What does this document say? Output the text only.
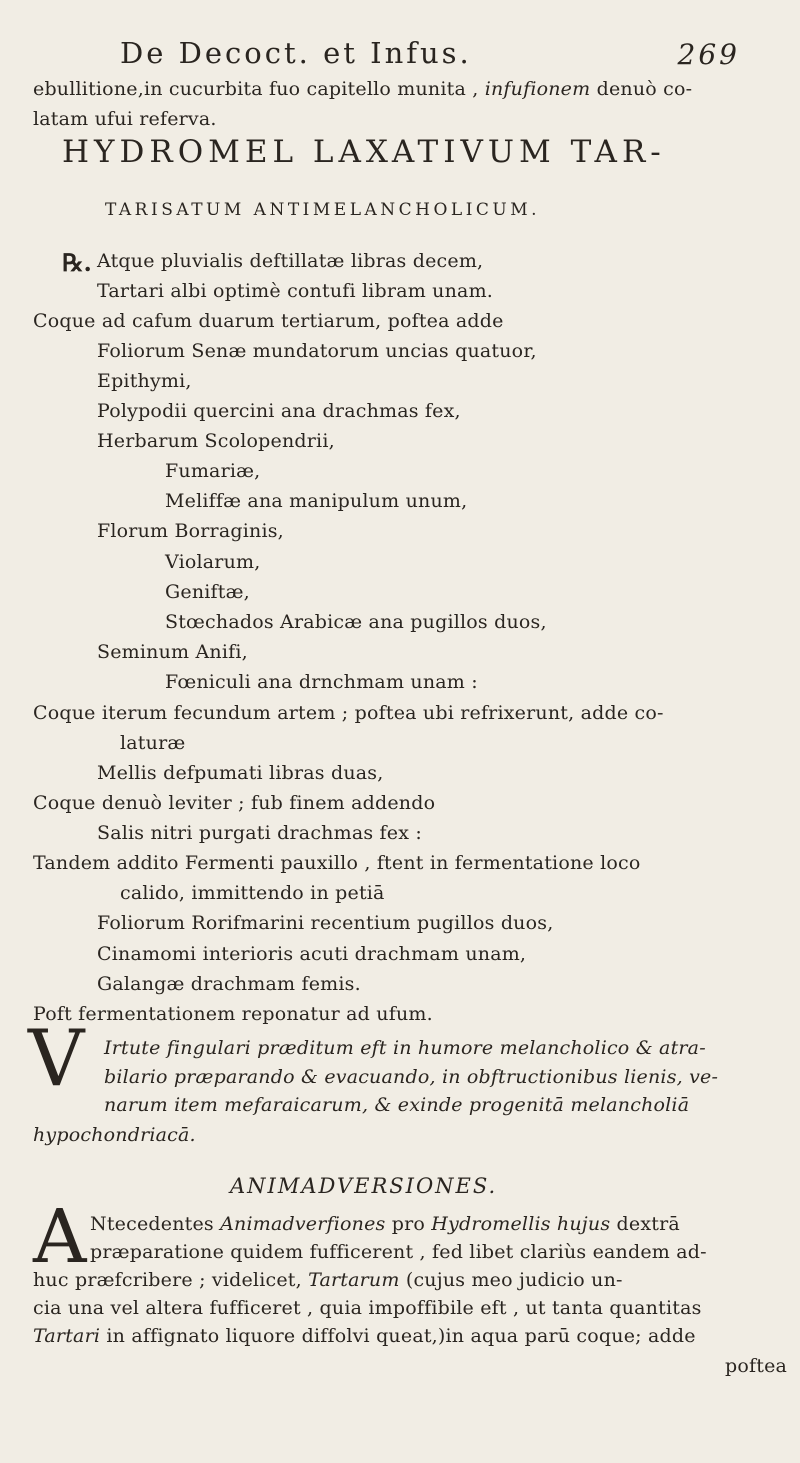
De Decoct. et Infus.	269
ebullitione,in cucurbita fuo capitello munita , infufionem denuò co-
latam ufui referva.
HYDROMEL LAXATIVUM TAR-
TARISATUM ANTIMELANCHOLICUM.
℞. Atque pluvialis deftillatæ libras decem,
Tartari albi optimè contufi libram unam.
Coque ad cafum duarum tertiarum, poftea adde
Foliorum Senæ mundatorum uncias quatuor,
Epithymi,
Polypodii quercini ana drachmas fex,
Herbarum Scolopendrii,
Fumariæ,
Meliffæ ana manipulum unum,
Florum Borraginis,
Violarum,
Geniftæ,
Stœchados Arabicæ ana pugillos duos,
Seminum Anifi,
Fœniculi ana drnchmam unam :
Coque iterum fecundum artem ; poftea ubi refrixerunt, adde co-
laturæ
Mellis defpumati libras duas,
Coque denuò leviter ; fub finem addendo
Salis nitri purgati drachmas fex :
Tandem addito Fermenti pauxillo , ftent in fermentatione loco
calido, immittendo in petiā
Foliorum Rorifmarini recentium pugillos duos,
Cinamomi interioris acuti drachmam unam,
Galangæ drachmam femis.
Poft fermentationem reponatur ad ufum.
V Irtute fingulari præditum eft in humore melancholico & atra-
bilario præparando & evacuando, in obftructionibus lienis, ve-
narum item mefaraicarum, & exinde progenitā melancholiā
hypochondriacā.
ANIMADVERSIONES.
A Ntecedentes Animadverfiones pro Hydromellis hujus dextrā
præparatione quidem fufficerent , fed libet clariùs eandem ad-
huc præfcribere ; videlicet, Tartarum (cujus meo judicio un-
cia una vel altera fufficeret , quia impoffibile eft , ut tanta quantitas
Tartari in affignato liquore diffolvi queat,)in aqua parū coque; adde
poftea
